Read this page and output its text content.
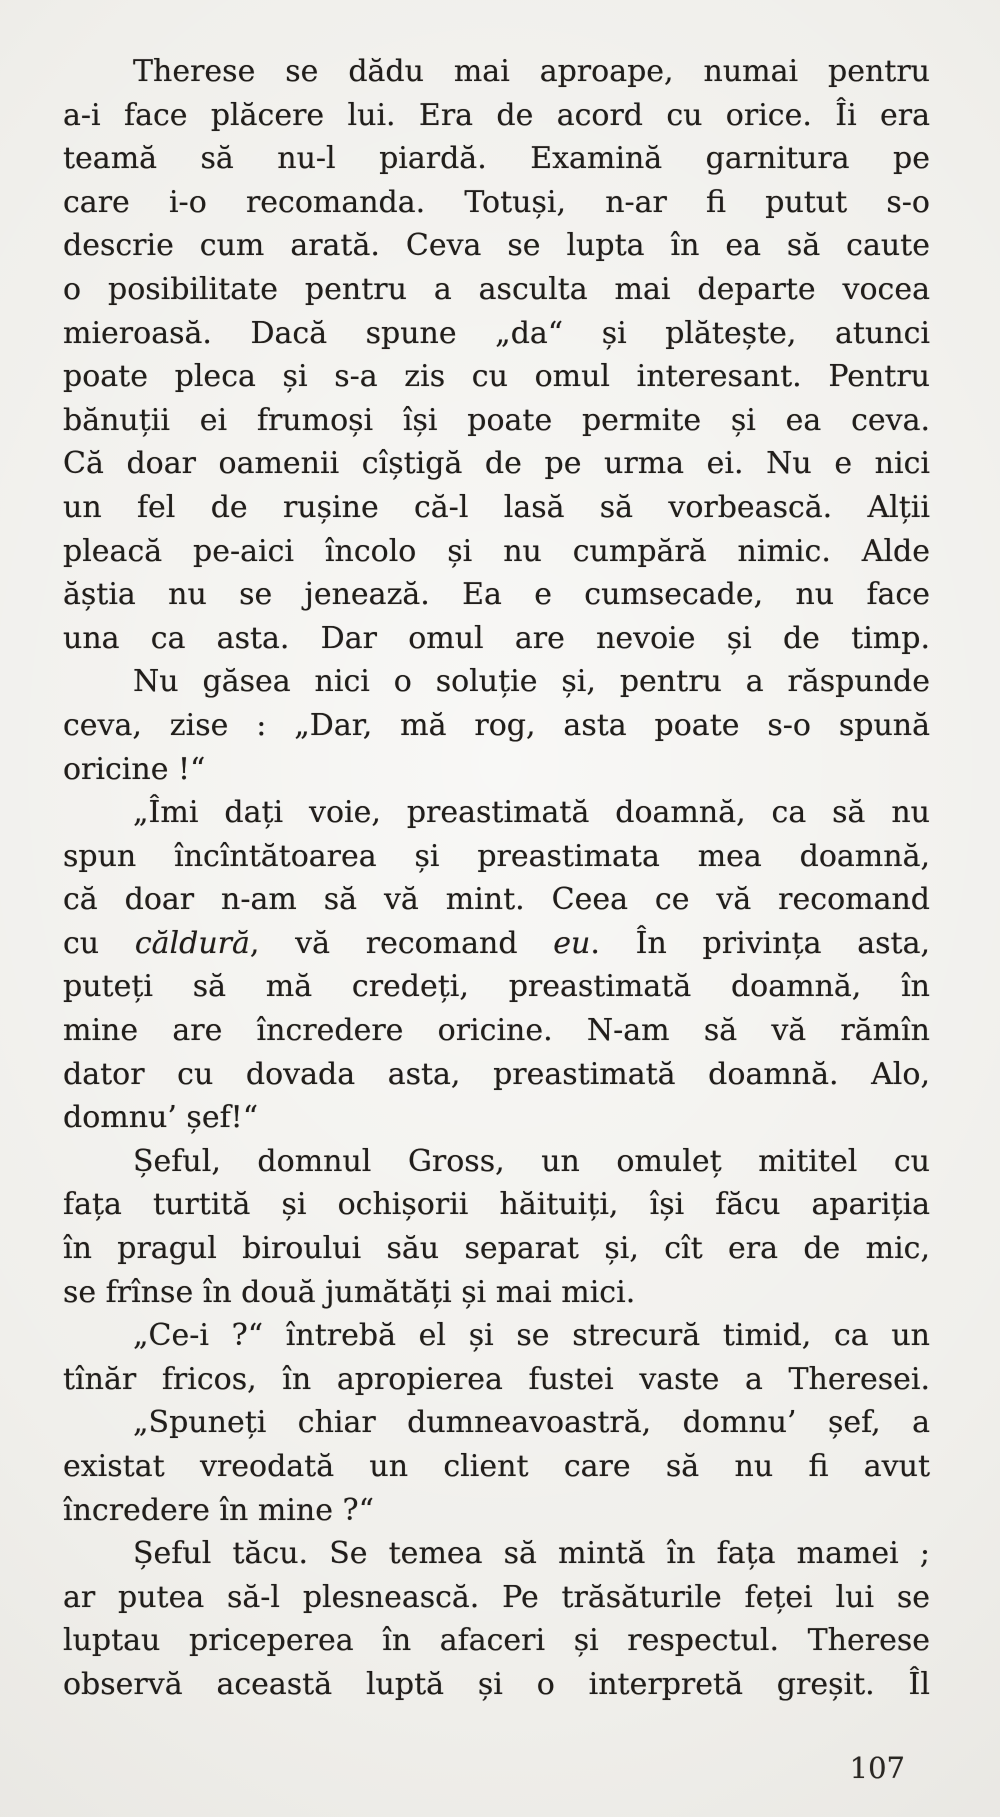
Therese se dădu mai aproape, numai pentru
a-i face plăcere lui. Era de acord cu orice. Îi era
teamă să nu-l piardă. Examină garnitura pe
care i-o recomanda. Totuși, n-ar fi putut s-o
descrie cum arată. Ceva se lupta în ea să caute
o posibilitate pentru a asculta mai departe vocea
mieroasă. Dacă spune „da“ și plătește, atunci
poate pleca și s-a zis cu omul interesant. Pentru
bănuții ei frumoși își poate permite și ea ceva.
Că doar oamenii cîștigă de pe urma ei. Nu e nici
un fel de rușine că-l lasă să vorbească. Alții
pleacă pe-aici încolo și nu cumpără nimic. Alde
ăștia nu se jenează. Ea e cumsecade, nu face
una ca asta. Dar omul are nevoie și de timp.
Nu găsea nici o soluție și, pentru a răspunde
ceva, zise : „Dar, mă rog, asta poate s-o spună
oricine !“
„Îmi dați voie, preastimată doamnă, ca să nu
spun încîntătoarea și preastimata mea doamnă,
că doar n-am să vă mint. Ceea ce vă recomand
cu căldură, vă recomand eu. În privința asta,
puteți să mă credeți, preastimată doamnă, în
mine are încredere oricine. N-am să vă rămîn
dator cu dovada asta, preastimată doamnă. Alo,
domnu’ șef!“
Șeful, domnul Gross, un omuleț mititel cu
fața turtită și ochișorii hăituiți, își făcu apariția
în pragul biroului său separat și, cît era de mic,
se frînse în două jumătăți și mai mici.
„Ce-i ?“ întrebă el și se strecură timid, ca un
tînăr fricos, în apropierea fustei vaste a Theresei.
„Spuneți chiar dumneavoastră, domnu’ șef, a
existat vreodată un client care să nu fi avut
încredere în mine ?“
Șeful tăcu. Se temea să mintă în fața mamei ;
ar putea să-l plesnească. Pe trăsăturile feței lui se
luptau priceperea în afaceri și respectul. Therese
observă această luptă și o interpretă greșit. Îl
107
